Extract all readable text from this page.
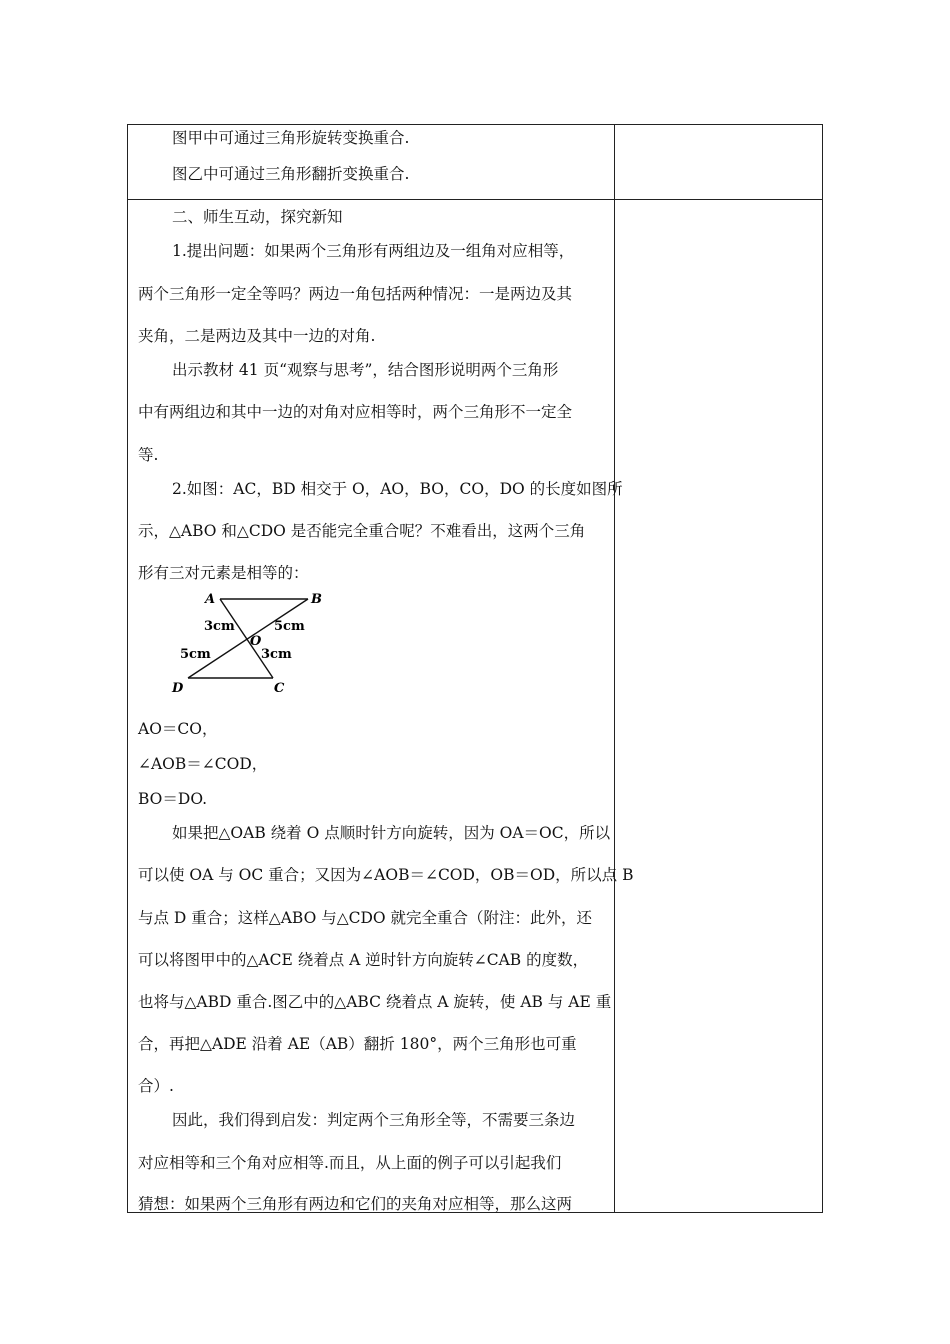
图甲中可通过三角形旋转变换重合.
图乙中可通过三角形翻折变换重合.
二、师生互动，探究新知
1.提出问题：如果两个三角形有两组边及一组角对应相等，
两个三角形一定全等吗？两边一角包括两种情况：一是两边及其
夹角，二是两边及其中一边的对角.
出示教材 41 页“观察与思考”，结合图形说明两个三角形
中有两组边和其中一边的对角对应相等时，两个三角形不一定全
等.
2.如图：AC，BD 相交于 O，AO，BO，CO，DO 的长度如图所
示，△ABO 和△CDO 是否能完全重合呢？不难看出，这两个三角
形有三对元素是相等的：
A	B
O
C
D
3cm	5cm
5cm	3cm
AO＝CO，
∠AOB＝∠COD，
BO＝DO.
如果把△OAB 绕着 O 点顺时针方向旋转，因为 OA＝OC，所以
可以使 OA 与 OC 重合；又因为∠AOB＝∠COD，OB＝OD，所以点 B
与点 D 重合；这样△ABO 与△CDO 就完全重合（附注：此外，还
可以将图甲中的△ACE 绕着点 A 逆时针方向旋转∠CAB 的度数，
也将与△ABD 重合.图乙中的△ABC 绕着点 A 旋转，使 AB 与 AE 重
合，再把△ADE 沿着 AE（AB）翻折 180°，两个三角形也可重
合）.
因此，我们得到启发：判定两个三角形全等，不需要三条边
对应相等和三个角对应相等.而且，从上面的例子可以引起我们
猜想：如果两个三角形有两边和它们的夹角对应相等，那么这两
